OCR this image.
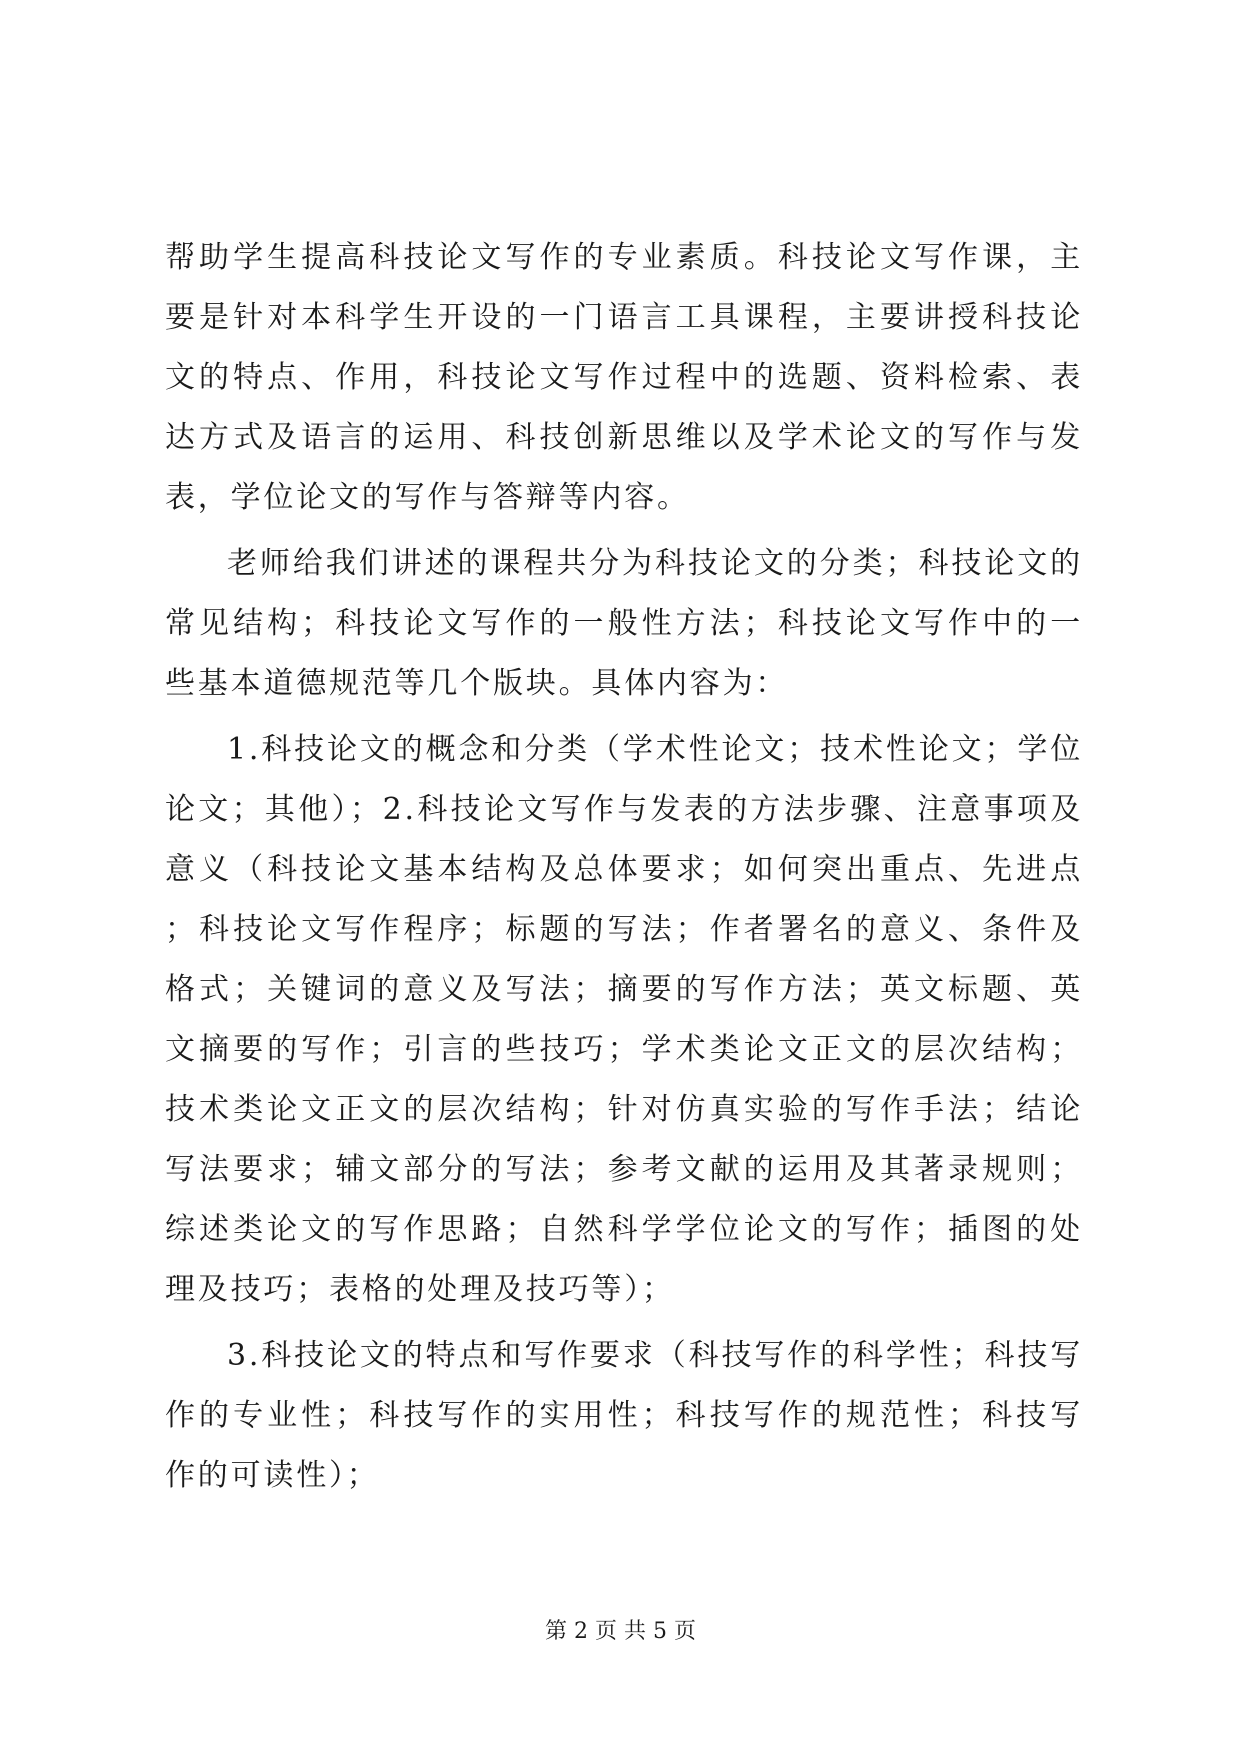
帮助学生提高科技论文写作的专业素质。科技论文写作课，主要是针对本科学生开设的一门语言工具课程，主要讲授科技论文的特点、作用，科技论文写作过程中的选题、资料检索、表达方式及语言的运用、科技创新思维以及学术论文的写作与发表，学位论文的写作与答辩等内容。

老师给我们讲述的课程共分为科技论文的分类；科技论文的常见结构；科技论文写作的一般性方法；科技论文写作中的一些基本道德规范等几个版块。具体内容为：

1.科技论文的概念和分类（学术性论文；技术性论文；学位论文；其他）；2.科技论文写作与发表的方法步骤、注意事项及意义（科技论文基本结构及总体要求；如何突出重点、先进点；科技论文写作程序；标题的写法；作者署名的意义、条件及格式；关键词的意义及写法；摘要的写作方法；英文标题、英文摘要的写作；引言的些技巧；学术类论文正文的层次结构；技术类论文正文的层次结构；针对仿真实验的写作手法；结论写法要求；辅文部分的写法；参考文献的运用及其著录规则；综述类论文的写作思路；自然科学学位论文的写作；插图的处理及技巧；表格的处理及技巧等）；

3.科技论文的特点和写作要求（科技写作的科学性；科技写作的专业性；科技写作的实用性；科技写作的规范性；科技写作的可读性）；

第 2 页 共 5 页
